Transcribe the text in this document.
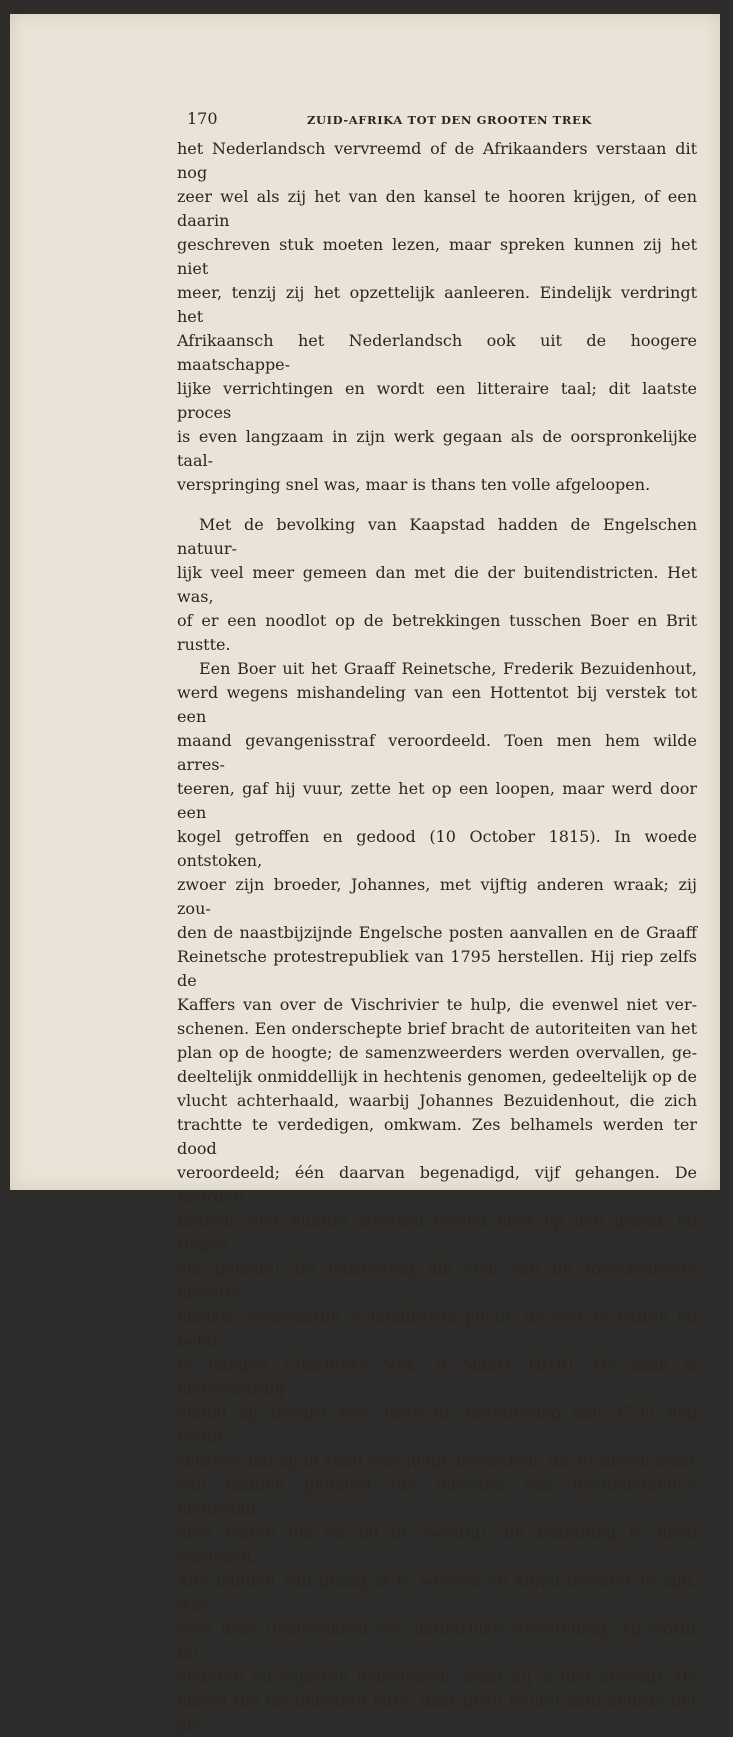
170	ZUID-AFRIKA TOT DEN GROOTEN TREK

het Nederlandsch vervreemd of de Afrikaanders verstaan dit nog
zeer wel als zij het van den kansel te hooren krijgen, of een daarin
geschreven stuk moeten lezen, maar spreken kunnen zij het niet
meer, tenzij zij het opzettelijk aanleeren. Eindelijk verdringt het
Afrikaansch het Nederlandsch ook uit de hoogere maatschappe-
lijke verrichtingen en wordt een litteraire taal; dit laatste proces
is even langzaam in zijn werk gegaan als de oorspronkelijke taal-
verspringing snel was, maar is thans ten volle afgeloopen.

Met de bevolking van Kaapstad hadden de Engelschen natuur-
lijk veel meer gemeen dan met die der buitendistricten. Het was,
of er een noodlot op de betrekkingen tusschen Boer en Brit rustte.

Een Boer uit het Graaff Reinetsche, Frederik Bezuidenhout,
werd wegens mishandeling van een Hottentot bij verstek tot een
maand gevangenisstraf veroordeeld. Toen men hem wilde arres-
teeren, gaf hij vuur, zette het op een loopen, maar werd door een
kogel getroffen en gedood (10 October 1815). In woede ontstoken,
zwoer zijn broeder, Johannes, met vijftig anderen wraak; zij zou-
den de naastbijzijnde Engelsche posten aanvallen en de Graaff
Reinetsche protestrepubliek van 1795 herstellen. Hij riep zelfs de
Kaffers van over de Vischrivier te hulp, die evenwel niet ver-
schenen. Een onderschepte brief bracht de autoriteiten van het
plan op de hoogte; de samenzweerders werden overvallen, ge-
deeltelijk onmiddellijk in hechtenis genomen, gedeeltelijk op de
vlucht achterhaald, waarbij Johannes Bezuidenhout, die zich
trachtte te verdedigen, omkwam. Zes belhamels werden ter dood
veroordeeld; één daarvan begenadigd, vijf gehangen. De koorden
braken; vier hunner stortten levend neer op den grond, en riepen
om genade! De ontroering die zich van de toeschouwers meester
maakte verzwaarde ’s landdrosts plicht, de vier te vatten en beter
te hangen (Slachters Nek, 9 Maart 1816). De zaak is merkwaardig
omdat zij bewijst hoe sterk de herinnering aan 1795 nog leefde;
zóózeer, dat zij in staat was jonge menschen, die er alleen maar
van hadden gehoord (de meesten van Bezuidenhout’s medestan-
ders waren om en bij de twintig), de bezinning te doen verliezen.
Alle banden van gezag af te werpen en eigen meester te zijn, was
voor deze gemoederen een natuurlijke voorstelling. Zij wordt bij
ouderen en wijzeren bedwongen, maar zij is niet afwezig. De
massa (de documenten laten daar geen twijfel aan) keurde het ge-
